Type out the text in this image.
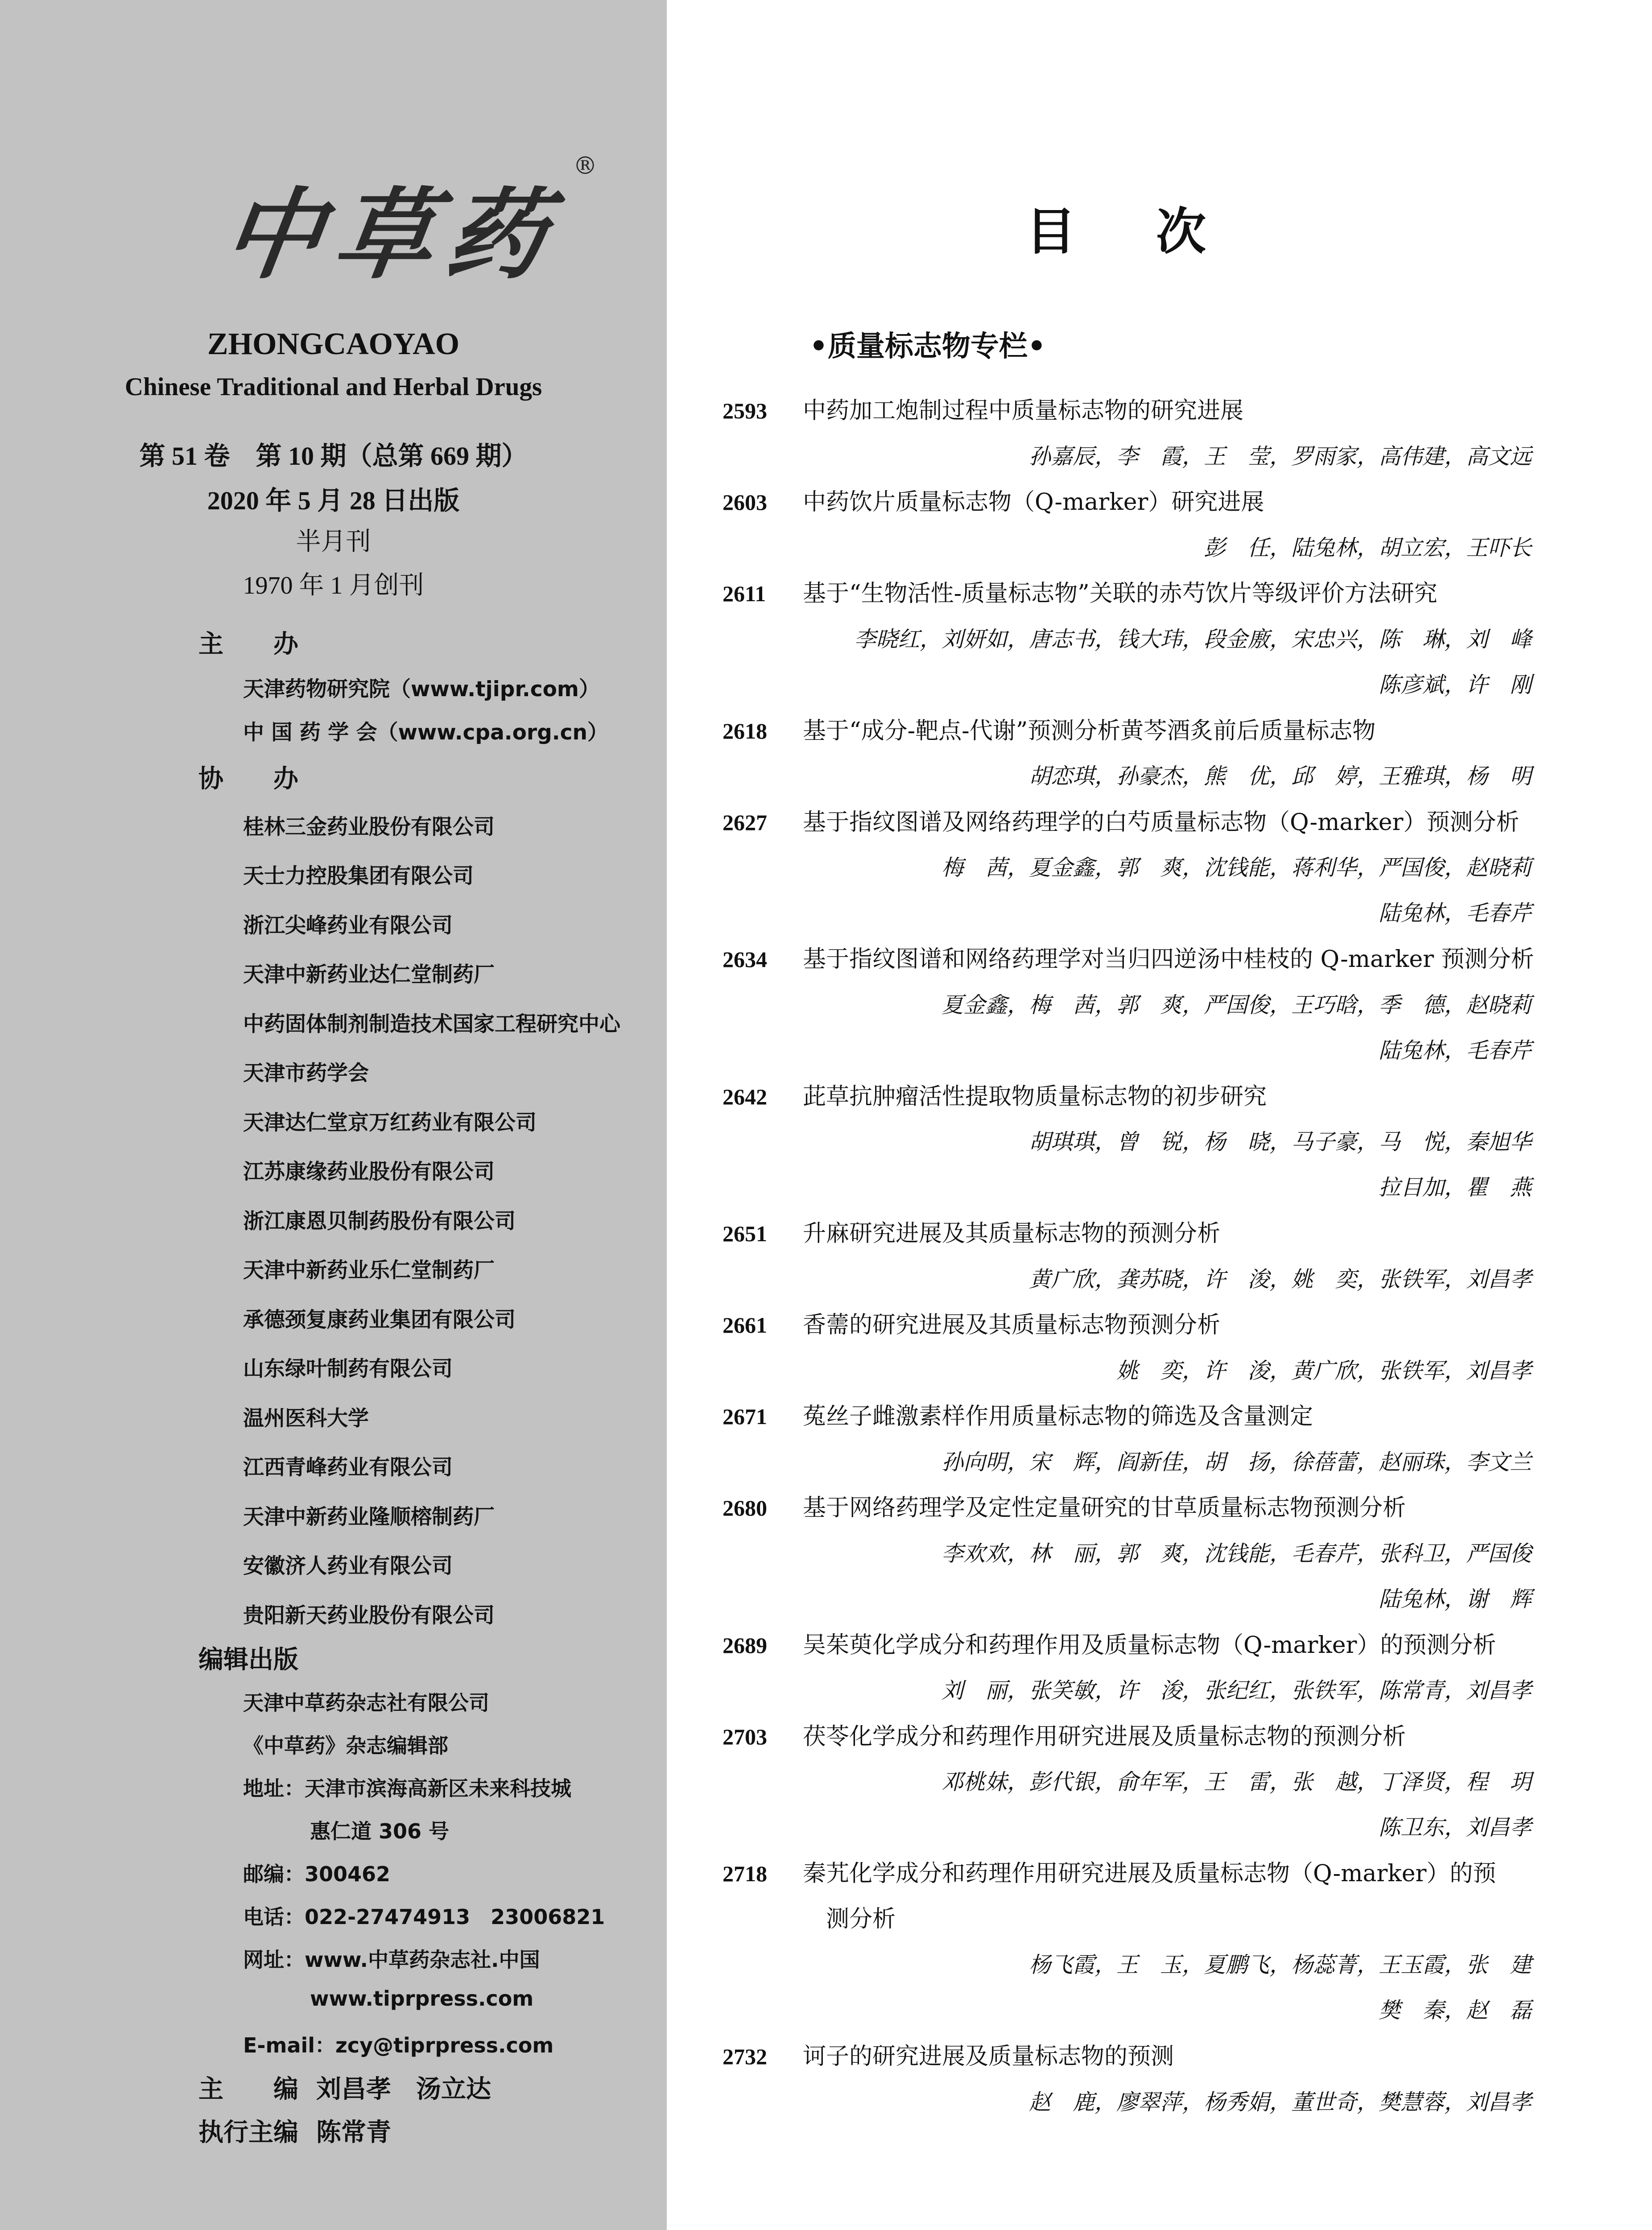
中草药
®
ZHONGCAOYAO
Chinese Traditional and Herbal Drugs
第 51 卷　第 10 期（总第 669 期）
2020 年 5 月 28 日出版
半月刊
1970 年 1 月创刊
主　　办
天津药物研究院（www.tjipr.com）
中 国 药 学 会（www.cpa.org.cn）
协　　办
桂林三金药业股份有限公司
天士力控股集团有限公司
浙江尖峰药业有限公司
天津中新药业达仁堂制药厂
中药固体制剂制造技术国家工程研究中心
天津市药学会
天津达仁堂京万红药业有限公司
江苏康缘药业股份有限公司
浙江康恩贝制药股份有限公司
天津中新药业乐仁堂制药厂
承德颈复康药业集团有限公司
山东绿叶制药有限公司
温州医科大学
江西青峰药业有限公司
天津中新药业隆顺榕制药厂
安徽济人药业有限公司
贵阳新天药业股份有限公司
编辑出版
天津中草药杂志社有限公司
《中草药》杂志编辑部
地址：天津市滨海高新区未来科技城
惠仁道 306 号
邮编：300462
电话：022-27474913　23006821
网址：www.中草药杂志社.中国
www.tiprpress.com
E-mail：zcy@tiprpress.com
主　　编 刘昌孝　汤立达
执行主编 陈常青
目次
•质量标志物专栏•
2593 中药加工炮制过程中质量标志物的研究进展
孙嘉辰，李　霞，王　莹，罗雨家，高伟建，高文远
2603 中药饮片质量标志物（Q-marker）研究进展
彭　任，陆兔林，胡立宏，王吓长
2611 基于“生物活性-质量标志物”关联的赤芍饮片等级评价方法研究
李晓红，刘妍如，唐志书，钱大玮，段金廒，宋忠兴，陈　琳，刘　峰
陈彦斌，许　刚
2618 基于“成分-靶点-代谢”预测分析黄芩酒炙前后质量标志物
胡恋琪，孙豪杰，熊　优，邱　婷，王雅琪，杨　明
2627 基于指纹图谱及网络药理学的白芍质量标志物（Q-marker）预测分析
梅　茜，夏金鑫，郭　爽，沈钱能，蒋利华，严国俊，赵晓莉
陆兔林，毛春芹
2634 基于指纹图谱和网络药理学对当归四逆汤中桂枝的 Q-marker 预测分析
夏金鑫，梅　茜，郭　爽，严国俊，王巧晗，季　德，赵晓莉
陆兔林，毛春芹
2642 茈草抗肿瘤活性提取物质量标志物的初步研究
胡琪琪，曾　锐，杨　晓，马子豪，马　悦，秦旭华
拉目加，瞿　燕
2651 升麻研究进展及其质量标志物的预测分析
黄广欣，龚苏晓，许　浚，姚　奕，张铁军，刘昌孝
2661 香薷的研究进展及其质量标志物预测分析
姚　奕，许　浚，黄广欣，张铁军，刘昌孝
2671 菟丝子雌激素样作用质量标志物的筛选及含量测定
孙向明，宋　辉，阎新佳，胡　扬，徐蓓蕾，赵丽珠，李文兰
2680 基于网络药理学及定性定量研究的甘草质量标志物预测分析
李欢欢，林　丽，郭　爽，沈钱能，毛春芹，张科卫，严国俊
陆兔林，谢　辉
2689 吴茱萸化学成分和药理作用及质量标志物（Q-marker）的预测分析
刘　丽，张笑敏，许　浚，张纪红，张铁军，陈常青，刘昌孝
2703 茯苓化学成分和药理作用研究进展及质量标志物的预测分析
邓桃妹，彭代银，俞年军，王　雷，张　越，丁泽贤，程　玥
陈卫东，刘昌孝
2718 秦艽化学成分和药理作用研究进展及质量标志物（Q-marker）的预
　测分析
杨飞霞，王　玉，夏鹏飞，杨蕊菁，王玉霞，张　建
樊　秦，赵　磊
2732 诃子的研究进展及质量标志物的预测
赵　鹿，廖翠萍，杨秀娟，董世奇，樊慧蓉，刘昌孝
